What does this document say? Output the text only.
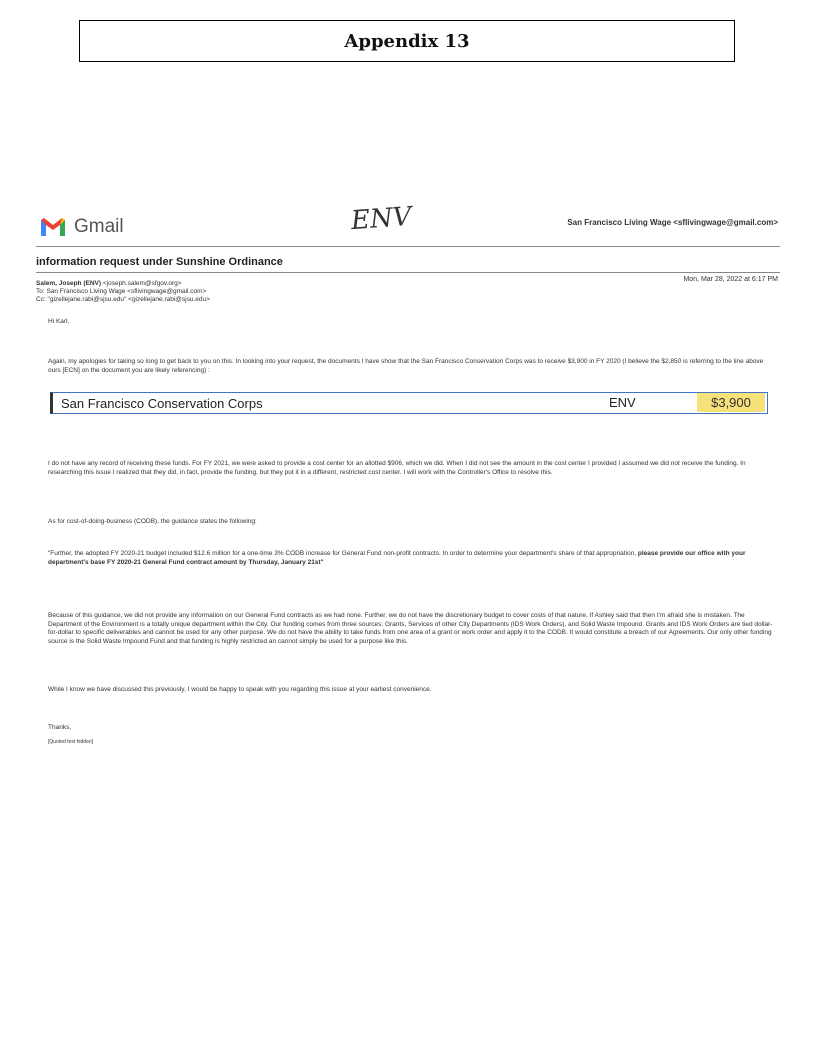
Appendix 13
Gmail	ENV	San Francisco Living Wage <sflivingwage@gmail.com>
information request under Sunshine Ordinance
Mon, Mar 28, 2022 at 6:17 PM
Salem, Joseph (ENV) <joseph.salem@sfgov.org>
To: San Francisco Living Wage <sflivingwage@gmail.com>
Cc: "gizellejane.rabi@sjsu.edu" <gizellejane.rabi@sjsu.edu>
Hi Karl,
Again, my apologies for taking so long to get back to you on this. In looking into your request, the documents I have show that the San Francisco Conservation Corps was to receive $3,900 in FY 2020 (I believe the $2,850 is referring to the line above ours [ECN] on the document you are likely referencing) :
San Francisco Conservation Corps	ENV	$3,900
I do not have any record of receiving these funds. For FY 2021, we were asked to provide a cost center for an allotted $906, which we did. When I did not see the amount in the cost center I provided I assumed we did not receive the funding. In researching this issue I realized that they did, in fact, provide the funding, but they put it in a different, restricted cost center. I will work with the Controller's Office to resolve this.
As for cost-of-doing-business (CODB), the guidance states the following:
"Further, the adopted FY 2020-21 budget included $12.6 million for a one-time 3% CODB increase for General Fund non-profit contracts. In order to determine your department's share of that appropriation, please provide our office with your department's base FY 2020-21 General Fund contract amount by Thursday, January 21st"
Because of this guidance, we did not provide any information on our General Fund contracts as we had none. Further, we do not have the discretionary budget to cover costs of that nature. If Ashley said that then I'm afraid she is mistaken. The Department of the Environment is a totally unique department within the City. Our funding comes from three sources: Grants, Services of other City Departments (IDS Work Orders), and Solid Waste Impound. Grants and IDS Work Orders are tied dollar-for-dollar to specific deliverables and cannot be used for any other purpose. We do not have the ability to take funds from one area of a grant or work order and apply it to the CODB. It would constitute a breach of our Agreements. Our only other funding source is the Solid Waste Impound Fund and that funding is highly restricted an cannot simply be used for a purpose like this.
While I know we have discussed this previously, I would be happy to speak with you regarding this issue at your earliest convenience.
Thanks,
[Quoted text hidden]
